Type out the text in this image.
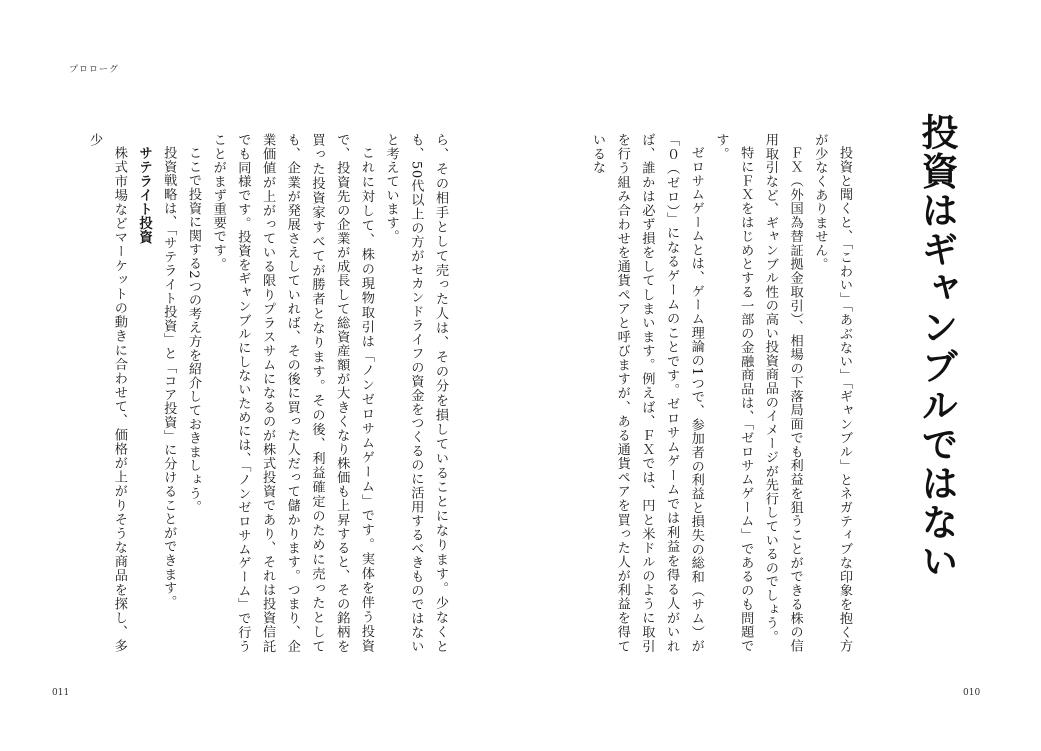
プロローグ
投資はギャンブルではない

投資と聞くと、「こわい」「あぶない」「ギャンブル」とネガティブな印象を抱く方が少なくありません。

ＦＸ（外国為替証拠金取引）、相場の下落局面でも利益を狙うことができる株の信用取引など、ギャンブル性の高い投資商品のイメージが先行しているのでしょう。

特にＦＸをはじめとする一部の金融商品は、「ゼロサムゲーム」であるのも問題です。

ゼロサムゲームとは、ゲーム理論の1つで、参加者の利益と損失の総和（サム）が「０（ゼロ）」になるゲームのことです。ゼロサムゲームでは利益を得る人がいれば、誰かは必ず損をしてしまいます。例えば、ＦＸでは、円と米ドルのように取引を行う組み合わせを通貨ペアと呼びますが、ある通貨ペアを買った人が利益を得ているな

ら、その相手として売った人は、その分を損していることになります。少なくとも、50代以上の方がセカンドライフの資金をつくるのに活用するべきものではないと考えています。

これに対して、株の現物取引は「ノンゼロサムゲーム」です。実体を伴う投資で、投資先の企業が成長して総資産額が大きくなり株価も上昇すると、その銘柄を買った投資家すべてが勝者となります。その後、利益確定のために売ったとしても、企業が発展さえしていれば、その後に買った人だって儲かります。つまり、企業価値が上がっている限りプラスサムになるのが株式投資であり、それは投資信託でも同様です。投資をギャンブルにしないためには、「ノンゼロサムゲーム」で行うことがまず重要です。

ここで投資に関する2つの考え方を紹介しておきましょう。

投資戦略は、「サテライト投資」と「コア投資」に分けることができます。

サテライト投資

株式市場などマーケットの動きに合わせて、価格が上がりそうな商品を探し、多少

011	010
